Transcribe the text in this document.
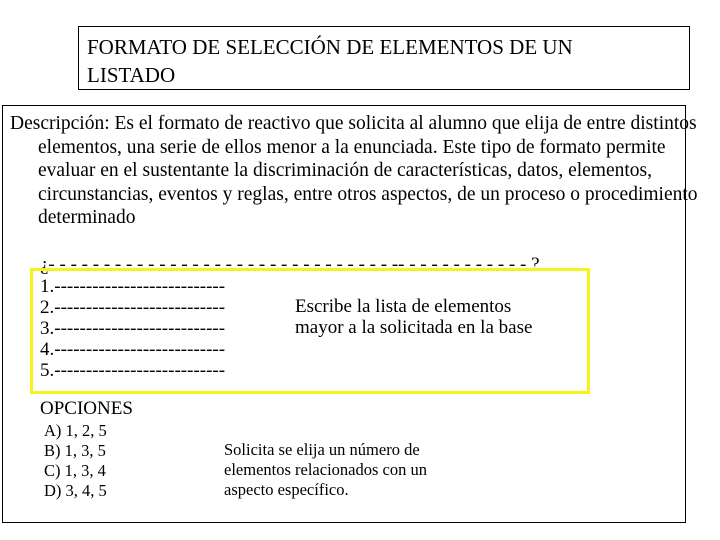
FORMATO DE SELECCIÓN DE ELEMENTOS DE UN
LISTADO
Descripción: Es el formato de reactivo que solicita al alumno que elija de entre distintos elementos, una serie de ellos menor a la enunciada. Este tipo de formato permite evaluar en el sustentante la discriminación de características, datos, elementos, circunstancias, eventos y reglas, entre otros aspectos, de un proceso o procedimiento determinado
¿- - - - - - - - - - - - - - - - - - - - - - - - - - - - - - - -- - - - - - - - - - - - ?
1.---------------------------
2.---------------------------
3.---------------------------
4.---------------------------
5.---------------------------
Escribe la lista de elementos
mayor a la solicitada en la base
OPCIONES
A) 1, 2, 5
B) 1, 3, 5
C) 1, 3, 4
D) 3, 4, 5
Solicita se elija un número de
elementos relacionados con un
aspecto específico.
